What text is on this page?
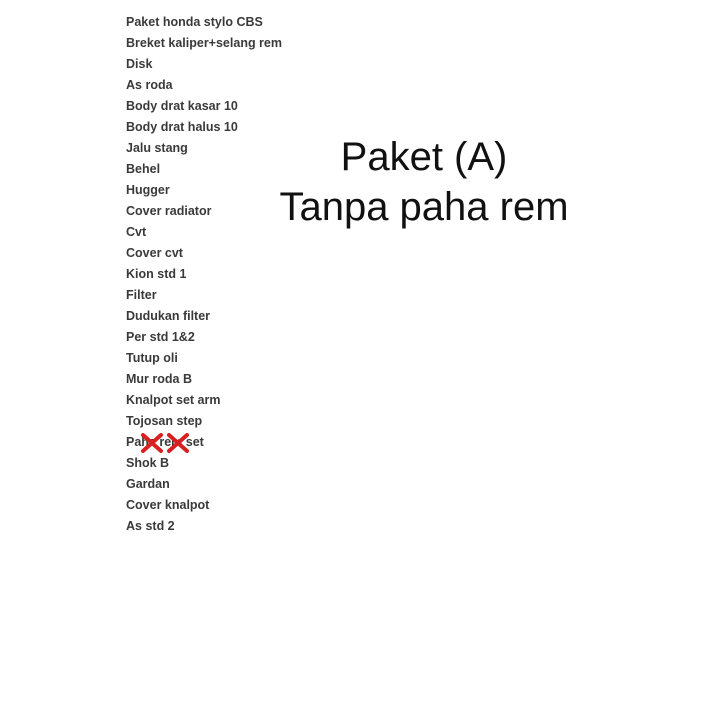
Paket honda stylo CBS
Breket kaliper+selang rem
Disk
As roda
Body drat kasar 10
Body drat halus 10
Jalu stang
Behel
Hugger
Cover radiator
Cvt
Cover cvt
Kion std 1
Filter
Dudukan filter
Per std 1&2
Tutup oli
Mur roda B
Knalpot set arm
Tojosan step
Paha rem set
Shok B
Gardan
Cover knalpot
As std 2
Paket (A)
Tanpa paha rem
